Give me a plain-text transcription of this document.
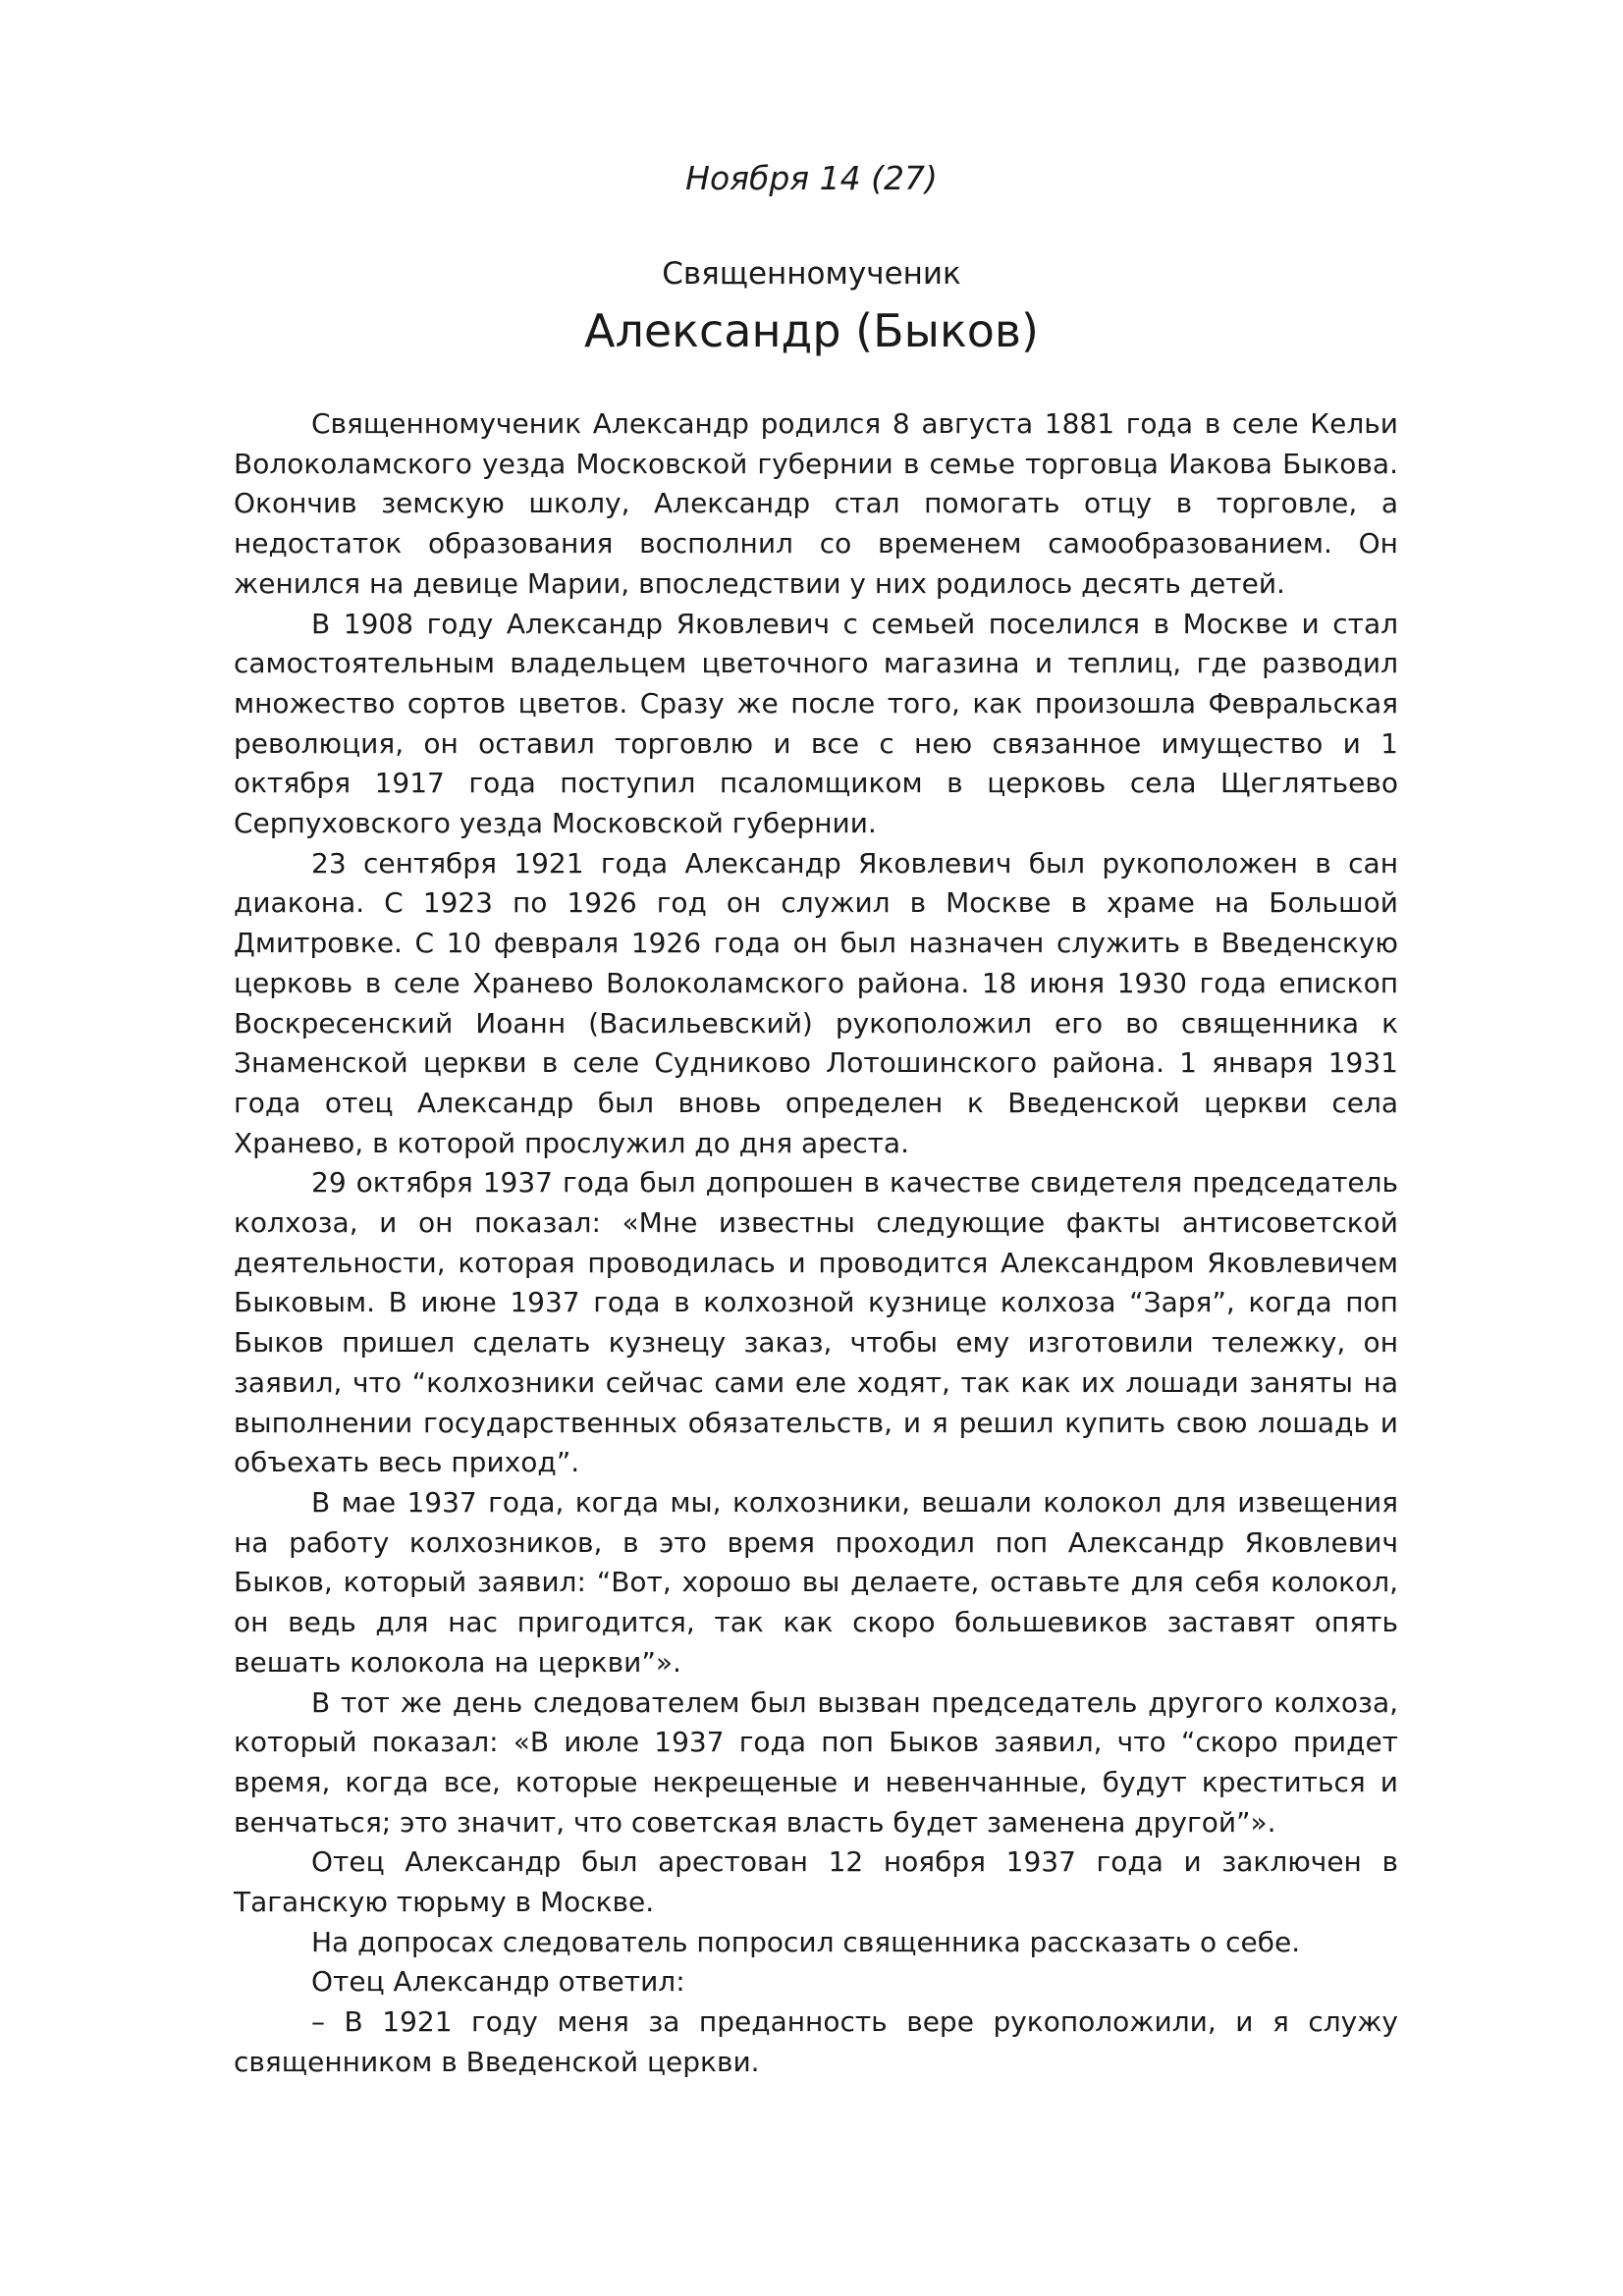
Ноября 14 (27)
Священномученик
Александр (Быков)

Священномученик Александр родился 8 августа 1881 года в селе Кельи Волоколамского уезда Московской губернии в семье торговца Иакова Быкова. Окончив земскую школу, Александр стал помогать отцу в торговле, а недостаток образования восполнил со временем самообразованием. Он женился на девице Марии, впоследствии у них родилось десять детей.

В 1908 году Александр Яковлевич с семьей поселился в Москве и стал самостоятельным владельцем цветочного магазина и теплиц, где разводил множество сортов цветов. Сразу же после того, как произошла Февральская революция, он оставил торговлю и все с нею связанное имущество и 1 октября 1917 года поступил псаломщиком в церковь села Щеглятьево Серпуховского уезда Московской губернии.

23 сентября 1921 года Александр Яковлевич был рукоположен в сан диакона. С 1923 по 1926 год он служил в Москве в храме на Большой Дмитровке. С 10 февраля 1926 года он был назначен служить в Введенскую церковь в селе Хранево Волоколамского района. 18 июня 1930 года епископ Воскресенский Иоанн (Васильевский) рукоположил его во священника к Знаменской церкви в селе Судниково Лотошинского района. 1 января 1931 года отец Александр был вновь определен к Введенской церкви села Хранево, в которой прослужил до дня ареста.

29 октября 1937 года был допрошен в качестве свидетеля председатель колхоза, и он показал: «Мне известны следующие факты антисоветской деятельности, которая проводилась и проводится Александром Яковлевичем Быковым. В июне 1937 года в колхозной кузнице колхоза “Заря”, когда поп Быков пришел сделать кузнецу заказ, чтобы ему изготовили тележку, он заявил, что “колхозники сейчас сами еле ходят, так как их лошади заняты на выполнении государственных обязательств, и я решил купить свою лошадь и объехать весь приход”.

В мае 1937 года, когда мы, колхозники, вешали колокол для извещения на работу колхозников, в это время проходил поп Александр Яковлевич Быков, который заявил: “Вот, хорошо вы делаете, оставьте для себя колокол, он ведь для нас пригодится, так как скоро большевиков заставят опять вешать колокола на церкви”».

В тот же день следователем был вызван председатель другого колхоза, который показал: «В июле 1937 года поп Быков заявил, что “скоро придет время, когда все, которые некрещеные и невенчанные, будут креститься и венчаться; это значит, что советская власть будет заменена другой”».

Отец Александр был арестован 12 ноября 1937 года и заключен в Таганскую тюрьму в Москве.

На допросах следователь попросил священника рассказать о себе.

Отец Александр ответил:

– В 1921 году меня за преданность вере рукоположили, и я служу священником в Введенской церкви.
